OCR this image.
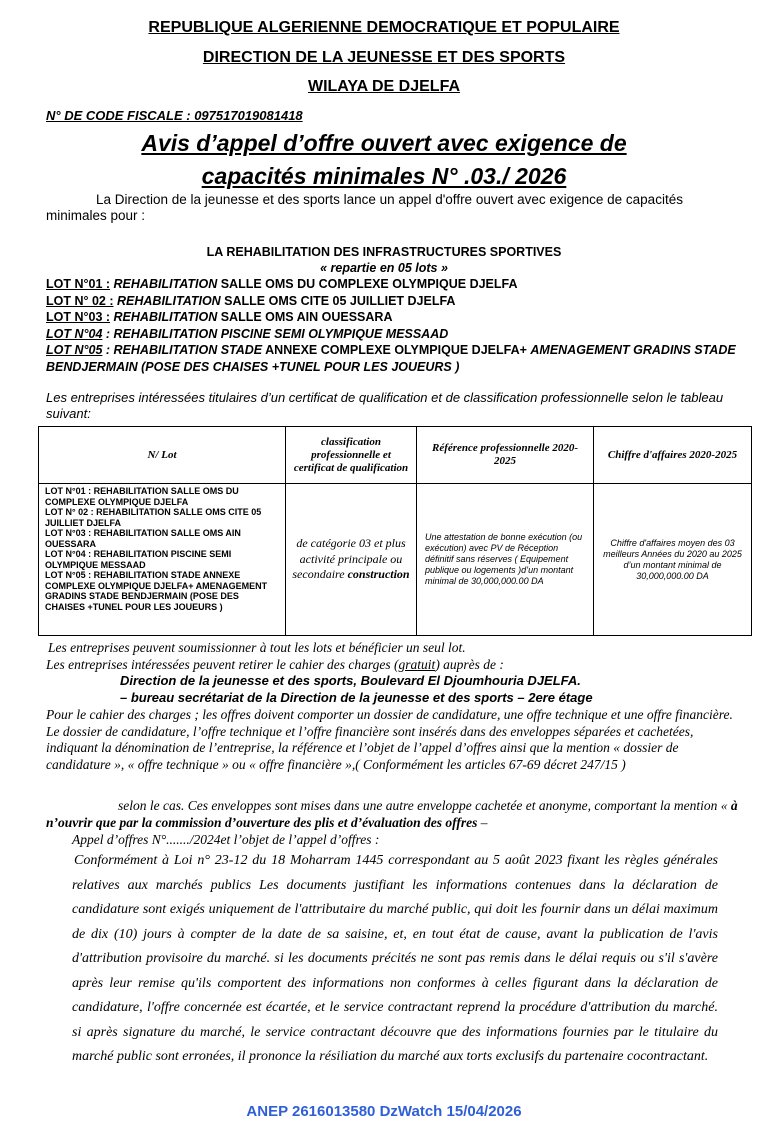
REPUBLIQUE ALGERIENNE DEMOCRATIQUE ET POPULAIRE
DIRECTION DE LA JEUNESSE ET DES SPORTS
WILAYA DE DJELFA
N° DE CODE FISCALE : 097517019081418
Avis d’appel d’offre ouvert avec exigence de
capacités minimales N° .03./ 2026
La Direction de la jeunesse et des sports lance un appel d'offre ouvert avec exigence de capacités minimales pour :
LA REHABILITATION DES INFRASTRUCTURES SPORTIVES
« repartie en 05 lots »
LOT N°01 : REHABILITATION SALLE OMS DU COMPLEXE OLYMPIQUE DJELFA
LOT N° 02 : REHABILITATION SALLE OMS CITE 05 JUILLIET DJELFA
LOT N°03 : REHABILITATION SALLE OMS AIN OUESSARA
LOT N°04 : REHABILITATION PISCINE SEMI OLYMPIQUE MESSAAD
LOT N°05 : REHABILITATION STADE ANNEXE COMPLEXE OLYMPIQUE DJELFA+ AMENAGEMENT GRADINS STADE BENDJERMAIN (POSE DES CHAISES +TUNEL POUR LES JOUEURS )
Les entreprises intéressées titulaires d’un certificat de qualification et de classification professionnelle selon le tableau suivant:
N/ Lot	classification professionnelle et certificat de qualification	Référence professionnelle 2020-2025	Chiffre d'affaires 2020-2025

LOT N°01 : REHABILITATION SALLE OMS DU COMPLEXE OLYMPIQUE DJELFA
LOT N° 02 : REHABILITATION SALLE OMS CITE 05 JUILLIET DJELFA
LOT N°03 : REHABILITATION SALLE OMS AIN OUESSARA
LOT N°04 : REHABILITATION PISCINE SEMI OLYMPIQUE MESSAAD
LOT N°05 : REHABILITATION STADE ANNEXE COMPLEXE OLYMPIQUE DJELFA+ AMENAGEMENT GRADINS STADE BENDJERMAIN (POSE DES CHAISES +TUNEL POUR LES JOUEURS )	de catégorie 03 et plus activité principale ou secondaire construction	Une attestation de bonne exécution (ou exécution) avec PV de Réception définitif sans réserves ( Equipement publique ou logements )d’un montant minimal de 30,000,000.00 DA	Chiffre d'affaires moyen des 03 meilleurs Années du 2020 au 2025 d’un montant minimal de 30,000,000.00 DA
Les entreprises peuvent soumissionner à tout les lots et bénéficier un seul lot.
Les entreprises intéressées peuvent retirer le cahier des charges (gratuit) auprès de :
Direction de la jeunesse et des sports, Boulevard El Djoumhouria DJELFA.
– bureau secrétariat de la Direction de la jeunesse et des sports – 2ere étage
Pour le cahier des charges ; les offres doivent comporter un dossier de candidature, une offre technique et une offre financière. Le dossier de candidature, l’offre technique et l’offre financière sont insérés dans des enveloppes séparées et cachetées, indiquant la dénomination de l’entreprise, la référence et l’objet de l’appel d’offres ainsi que la mention « dossier de candidature », « offre technique » ou « offre financière »,( Conformément les articles 67-69 décret 247/15 )
selon le cas. Ces enveloppes sont mises dans une autre enveloppe cachetée et anonyme, comportant la mention « à n’ouvrir que par la commission d’ouverture des plis et d’évaluation des offres –
Appel d’offres N°......./2024et l’objet de l’appel d’offres :
Conformément à Loi n° 23-12 du 18 Moharram 1445 correspondant au 5 août 2023 fixant les règles générales relatives aux marchés publics Les documents justifiant les informations contenues dans la déclaration de candidature sont exigés uniquement de l'attributaire du marché public, qui doit les fournir dans un délai maximum de dix (10) jours à compter de la date de sa saisine, et, en tout état de cause, avant la publication de l'avis d'attribution provisoire du marché. si les documents précités ne sont pas remis dans le délai requis ou s'il s'avère après leur remise qu'ils comportent des informations non conformes à celles figurant dans la déclaration de candidature, l'offre concernée est écartée, et le service contractant reprend la procédure d'attribution du marché. si après signature du marché, le service contractant découvre que des informations fournies par le titulaire du marché public sont erronées, il prononce la résiliation du marché aux torts exclusifs du partenaire cocontractant.
ANEP 2616013580 DzWatch 15/04/2026
